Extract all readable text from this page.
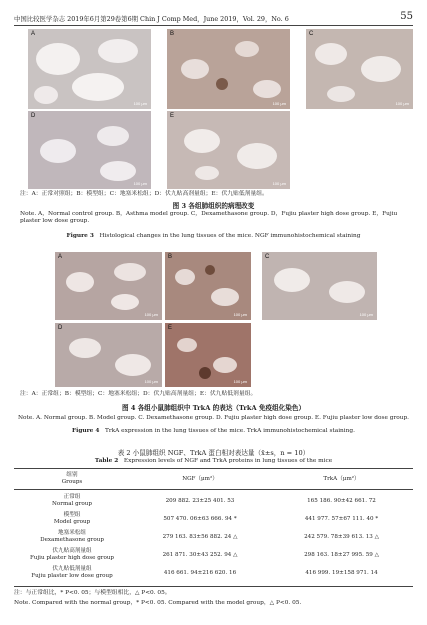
中国比较医学杂志 2019年6月第29卷第6期 Chin J Comp Med，June 2019，Vol. 29，No. 6	55
A
100 μm
B
100 μm
C
100 μm
D
100 μm
E
100 μm
注：A：正常对照组；B：模型组；C：地塞米松组；D：伏九贴高剂量组；E：伏九贴低剂量组。
图 3 各组肺组织的病理改变
Note. A，Normal control group. B，Asthma model group. C，Dexamethasone group. D，Fujiu plaster high dose group. E，Fujiu plaster low dose group.
Figure 3 Histological changes in the lung tissues of the mice. NGF immunohistochemical staining
A
100 μm
B
100 μm
C
100 μm
D
100 μm
E
100 μm
注：A：正常组；B：模型组；C：地塞米松组；D：伏九贴高剂量组；E：伏九贴低剂量组。
图 4 各组小鼠肺组织中 TrkA 的表达（TrkA 免疫组化染色）
Note. A. Normal group. B. Model group. C. Dexamethasone group. D. Fujiu plaster high dose group. E. Fujiu plaster low dose group.
Figure 4 TrkA expression in the lung tissues of the mice. TrkA immunohistochemical staining.
表 2 小鼠肺组织 NGF、TrkA 蛋白相对表达量（x̄±s，n = 10）
Table 2 Expression levels of NGF and TrkA proteins in lung tissues of the mice
组别
Groups
	NGF（μm²）	TrkA（μm²）
正常组
Normal group	209 882. 23±25 401. 53	165 186. 90±42 661. 72

模型组
Model group	507 470. 06±63 666. 94 *	441 977. 57±67 111. 40 *

地塞米松组
Dexamethasone group	279 163. 83±56 882. 24 △	242 579. 78±39 613. 13 △

伏九贴高剂量组
Fujiu plaster high dose group	261 871. 30±43 252. 94 △	298 163. 18±27 995. 59 △

伏九贴低剂量组
Fujiu plaster low dose group	416 661. 94±216 620. 16	416 999. 19±158 971. 14
注：与正常组比，* P<0. 05；与模型组相比，△ P<0. 05。
Note. Compared with the normal group，* P<0. 05. Compared with the model group，△ P<0. 05.
